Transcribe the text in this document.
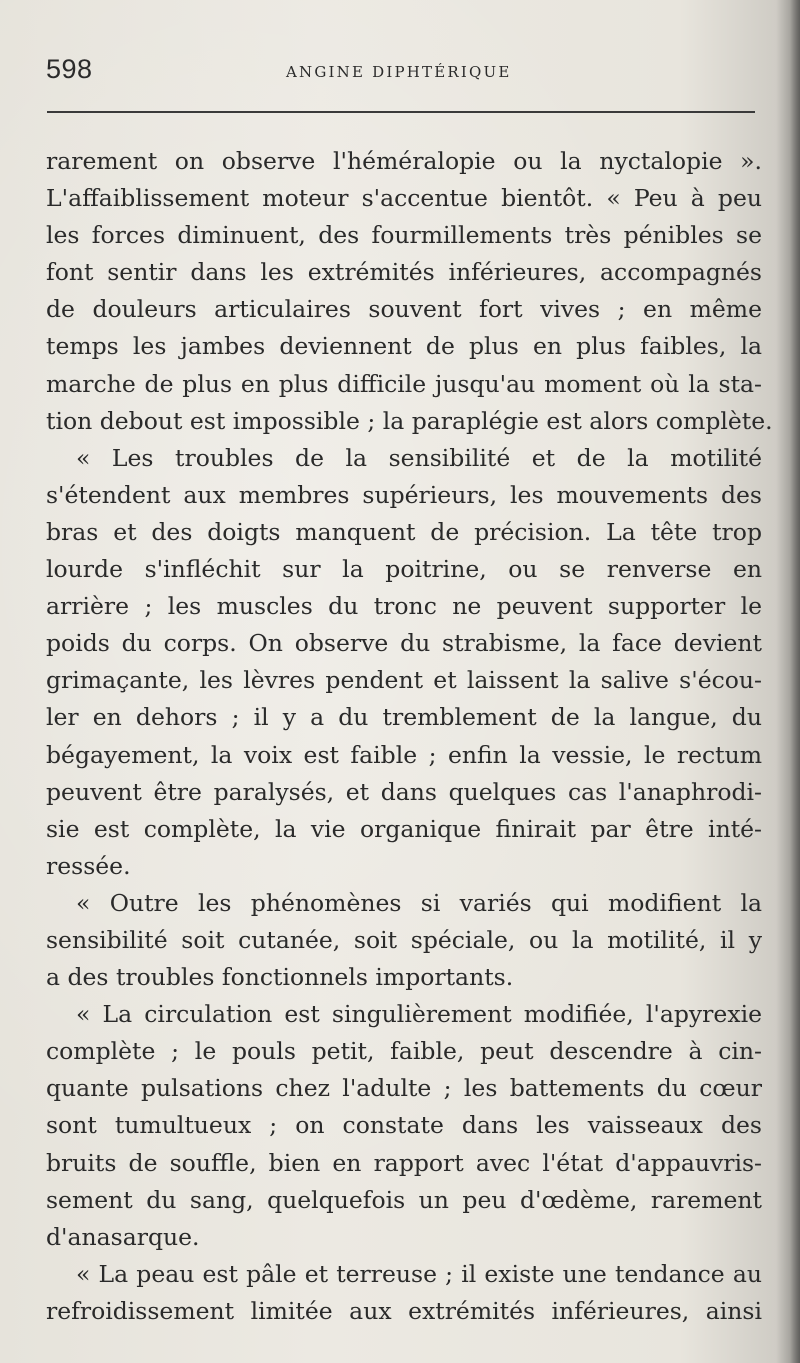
598	ANGINE DIPHTÉRIQUE
rarement on observe l'héméralopie ou la nyctalopie ».
L'affaiblissement moteur s'accentue bientôt. « Peu à peu
les forces diminuent, des fourmillements très pénibles se
font sentir dans les extrémités inférieures, accompagnés
de douleurs articulaires souvent fort vives ; en même
temps les jambes deviennent de plus en plus faibles, la
marche de plus en plus difficile jusqu'au moment où la sta-
tion debout est impossible ; la paraplégie est alors complète.
« Les troubles de la sensibilité et de la motilité
s'étendent aux membres supérieurs, les mouvements des
bras et des doigts manquent de précision. La tête trop
lourde s'infléchit sur la poitrine, ou se renverse en
arrière ; les muscles du tronc ne peuvent supporter le
poids du corps. On observe du strabisme, la face devient
grimaçante, les lèvres pendent et laissent la salive s'écou-
ler en dehors ; il y a du tremblement de la langue, du
bégayement, la voix est faible ; enfin la vessie, le rectum
peuvent être paralysés, et dans quelques cas l'anaphrodi-
sie est complète, la vie organique finirait par être inté-
ressée.
« Outre les phénomènes si variés qui modifient la
sensibilité soit cutanée, soit spéciale, ou la motilité, il y
a des troubles fonctionnels importants.
« La circulation est singulièrement modifiée, l'apyrexie
complète ; le pouls petit, faible, peut descendre à cin-
quante pulsations chez l'adulte ; les battements du cœur
sont tumultueux ; on constate dans les vaisseaux des
bruits de souffle, bien en rapport avec l'état d'appauvris-
sement du sang, quelquefois un peu d'œdème, rarement
d'anasarque.
« La peau est pâle et terreuse ; il existe une tendance au
refroidissement limitée aux extrémités inférieures, ainsi
